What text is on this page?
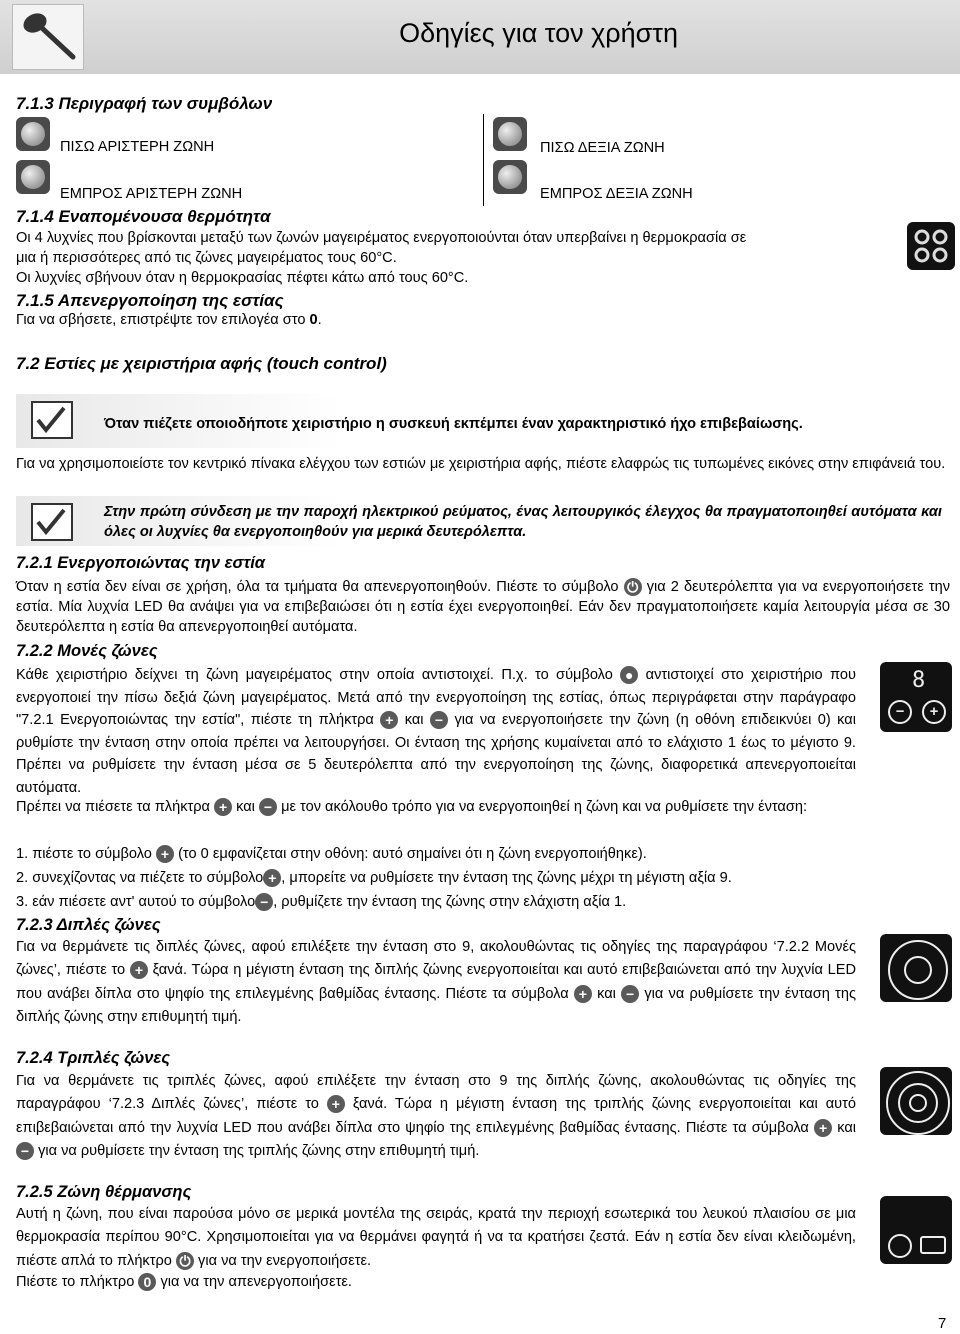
Οδηγίες για τον χρήστη
7.1.3 Περιγραφή των συμβόλων
ΠΙΣΩ ΑΡΙΣΤΕΡΗ ΖΩΝΗ
ΕΜΠΡΟΣ ΑΡΙΣΤΕΡΗ ΖΩΝΗ
ΠΙΣΩ ΔΕΞΙΑ ΖΩΝΗ
ΕΜΠΡΟΣ ΔΕΞΙΑ ΖΩΝΗ
7.1.4 Εναπομένουσα θερμότητα

Οι 4 λυχνίες που βρίσκονται μεταξύ των ζωνών μαγειρέματος ενεργοποιούνται όταν υπερβαίνει η θερμοκρασία σε

μια ή περισσότερες από τις ζώνες μαγειρέματος τους 60°C.

Οι λυχνίες σβήνουν όταν η θερμοκρασίας πέφτει κάτω από τους 60°C.

7.1.5 Απενεργοποίηση της εστίας

Για να σβήσετε, επιστρέψτε τον επιλογέα στο 0.

7.2 Εστίες με χειριστήρια αφής (touch control)
Όταν πιέζετε οποιοδήποτε χειριστήριο η συσκευή εκπέμπει έναν χαρακτηριστικό ήχο επιβεβαίωσης.

Για να χρησιμοποιείστε τον κεντρικό πίνακα ελέγχου των εστιών με χειριστήρια αφής, πιέστε ελαφρώς τις τυπωμένες εικόνες στην επιφάνειά του.

Στην πρώτη σύνδεση με την παροχή ηλεκτρικού ρεύματος, ένας λειτουργικός έλεγχος θα πραγματοποιηθεί αυτόματα και όλες οι λυχνίες θα ενεργοποιηθούν για μερικά δευτερόλεπτα.
7.2.1 Ενεργοποιώντας την εστία

Όταν η εστία δεν είναι σε χρήση, όλα τα τμήματα θα απενεργοποιηθούν. Πιέστε το σύμβολο ⏻ για 2 δευτερόλεπτα για να ενεργοποιήσετε την εστία. Μία λυχνία LED θα ανάψει για να επιβεβαιώσει ότι η εστία έχει ενεργοποιηθεί. Εάν δεν πραγματοποιήσετε καμία λειτουργία μέσα σε 30 δευτερόλεπτα η εστία θα απενεργοποιηθεί αυτόματα.

7.2.2 Μονές ζώνες

Κάθε χειριστήριο δείχνει τη ζώνη μαγειρέματος στην οποία αντιστοιχεί. Π.χ. το σύμβολο ● αντιστοιχεί στο χειριστήριο που ενεργοποιεί την πίσω δεξιά ζώνη μαγειρέματος. Μετά από την ενεργοποίηση της εστίας, όπως περιγράφεται στην παράγραφο "7.2.1 Ενεργοποιώντας την εστία", πιέστε τη πλήκτρα + και − για να ενεργοποιήσετε την ζώνη (η οθόνη επιδεικνύει 0) και ρυθμίστε την ένταση στην οποία πρέπει να λειτουργήσει. Οι ένταση της χρήσης κυμαίνεται από το ελάχιστο 1 έως το μέγιστο 9. Πρέπει να ρυθμίσετε την ένταση μέσα σε 5 δευτερόλεπτα από την ενεργοποίηση της ζώνης, διαφορετικά απενεργοποιείται αυτόματα.

8
−	+

Πρέπει να πιέσετε τα πλήκτρα + και − με τον ακόλουθο τρόπο για να ενεργοποιηθεί η ζώνη και να ρυθμίσετε την ένταση:

1. πιέστε το σύμβολο + (το 0 εμφανίζεται στην οθόνη: αυτό σημαίνει ότι η ζώνη ενεργοποιήθηκε).

2. συνεχίζοντας να πιέζετε το σύμβολο + , μπορείτε να ρυθμίσετε την ένταση της ζώνης μέχρι τη μέγιστη αξία 9.

3. εάν πιέσετε αντ' αυτού το σύμβολο − , ρυθμίζετε την ένταση της ζώνης στην ελάχιστη αξία 1.

7.2.3 Διπλές ζώνες

Για να θερμάνετε τις διπλές ζώνες, αφού επιλέξετε την ένταση στο 9, ακολουθώντας τις οδηγίες της παραγράφου ‘7.2.2 Μονές ζώνες’, πιέστε το + ξανά. Τώρα η μέγιστη ένταση της διπλής ζώνης ενεργοποιείται και αυτό επιβεβαιώνεται από την λυχνία LED που ανάβει δίπλα στο ψηφίο της επιλεγμένης βαθμίδας έντασης. Πιέστε τα σύμβολα + και − για να ρυθμίσετε την ένταση της διπλής ζώνης στην επιθυμητή τιμή.

7.2.4 Τριπλές ζώνες

Για να θερμάνετε τις τριπλές ζώνες, αφού επιλέξετε την ένταση στο 9 της διπλής ζώνης, ακολουθώντας τις οδηγίες της παραγράφου ‘7.2.3 Διπλές ζώνες’, πιέστε το + ξανά. Τώρα η μέγιστη ένταση της τριπλής ζώνης ενεργοποιείται και αυτό επιβεβαιώνεται από την λυχνία LED που ανάβει δίπλα στο ψηφίο της επιλεγμένης βαθμίδας έντασης. Πιέστε τα σύμβολα + και − για να ρυθμίσετε την ένταση της τριπλής ζώνης στην επιθυμητή τιμή.

7.2.5 Ζώνη θέρμανσης

Αυτή η ζώνη, που είναι παρούσα μόνο σε μερικά μοντέλα της σειράς, κρατά την περιοχή εσωτερικά του λευκού πλαισίου σε μια θερμοκρασία περίπου 90°C. Χρησιμοποιείται για να θερμάνει φαγητά ή να τα κρατήσει ζεστά. Εάν η εστία δεν είναι κλειδωμένη, πιέστε απλά το πλήκτρο ⏻ για να την ενεργοποιήσετε.

Πιέστε το πλήκτρο 0 για να την απενεργοποιήσετε.

7
